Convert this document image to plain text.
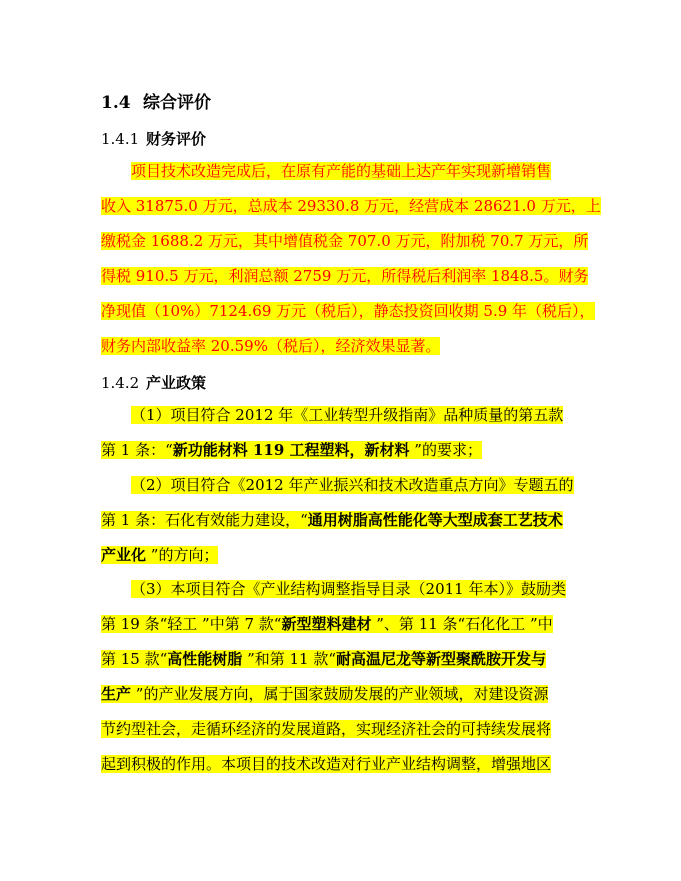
1.4 综合评价
1.4.1 财务评价
项目技术改造完成后，在原有产能的基础上达产年实现新增销售
收入 31875.0 万元，总成本 29330.8 万元，经营成本 28621.0 万元，上
缴税金 1688.2 万元，其中增值税金 707.0 万元，附加税 70.7 万元，所
得税 910.5 万元，利润总额 2759 万元，所得税后利润率 1848.5。财务
净现值（10%）7124.69 万元（税后），静态投资回收期 5.9 年（税后），
财务内部收益率 20.59%（税后），经济效果显著。
1.4.2 产业政策
（1）项目符合 2012 年《工业转型升级指南》品种质量的第五款
第 1 条：“新功能材料 119 工程塑料，新材料 ”的要求；
（2）项目符合《2012 年产业振兴和技术改造重点方向》专题五的
第 1 条：石化有效能力建设，“通用树脂高性能化等大型成套工艺技术
产业化 ”的方向；
（3）本项目符合《产业结构调整指导目录（2011 年本）》鼓励类
第 19 条“轻工 ”中第 7 款“新型塑料建材 ”、第 11 条“石化化工 ”中
第 15 款“高性能树脂 ”和第 11 款“耐高温尼龙等新型聚酰胺开发与
生产 ”的产业发展方向，属于国家鼓励发展的产业领域，对建设资源
节约型社会，走循环经济的发展道路，实现经济社会的可持续发展将
起到积极的作用。本项目的技术改造对行业产业结构调整，增强地区
